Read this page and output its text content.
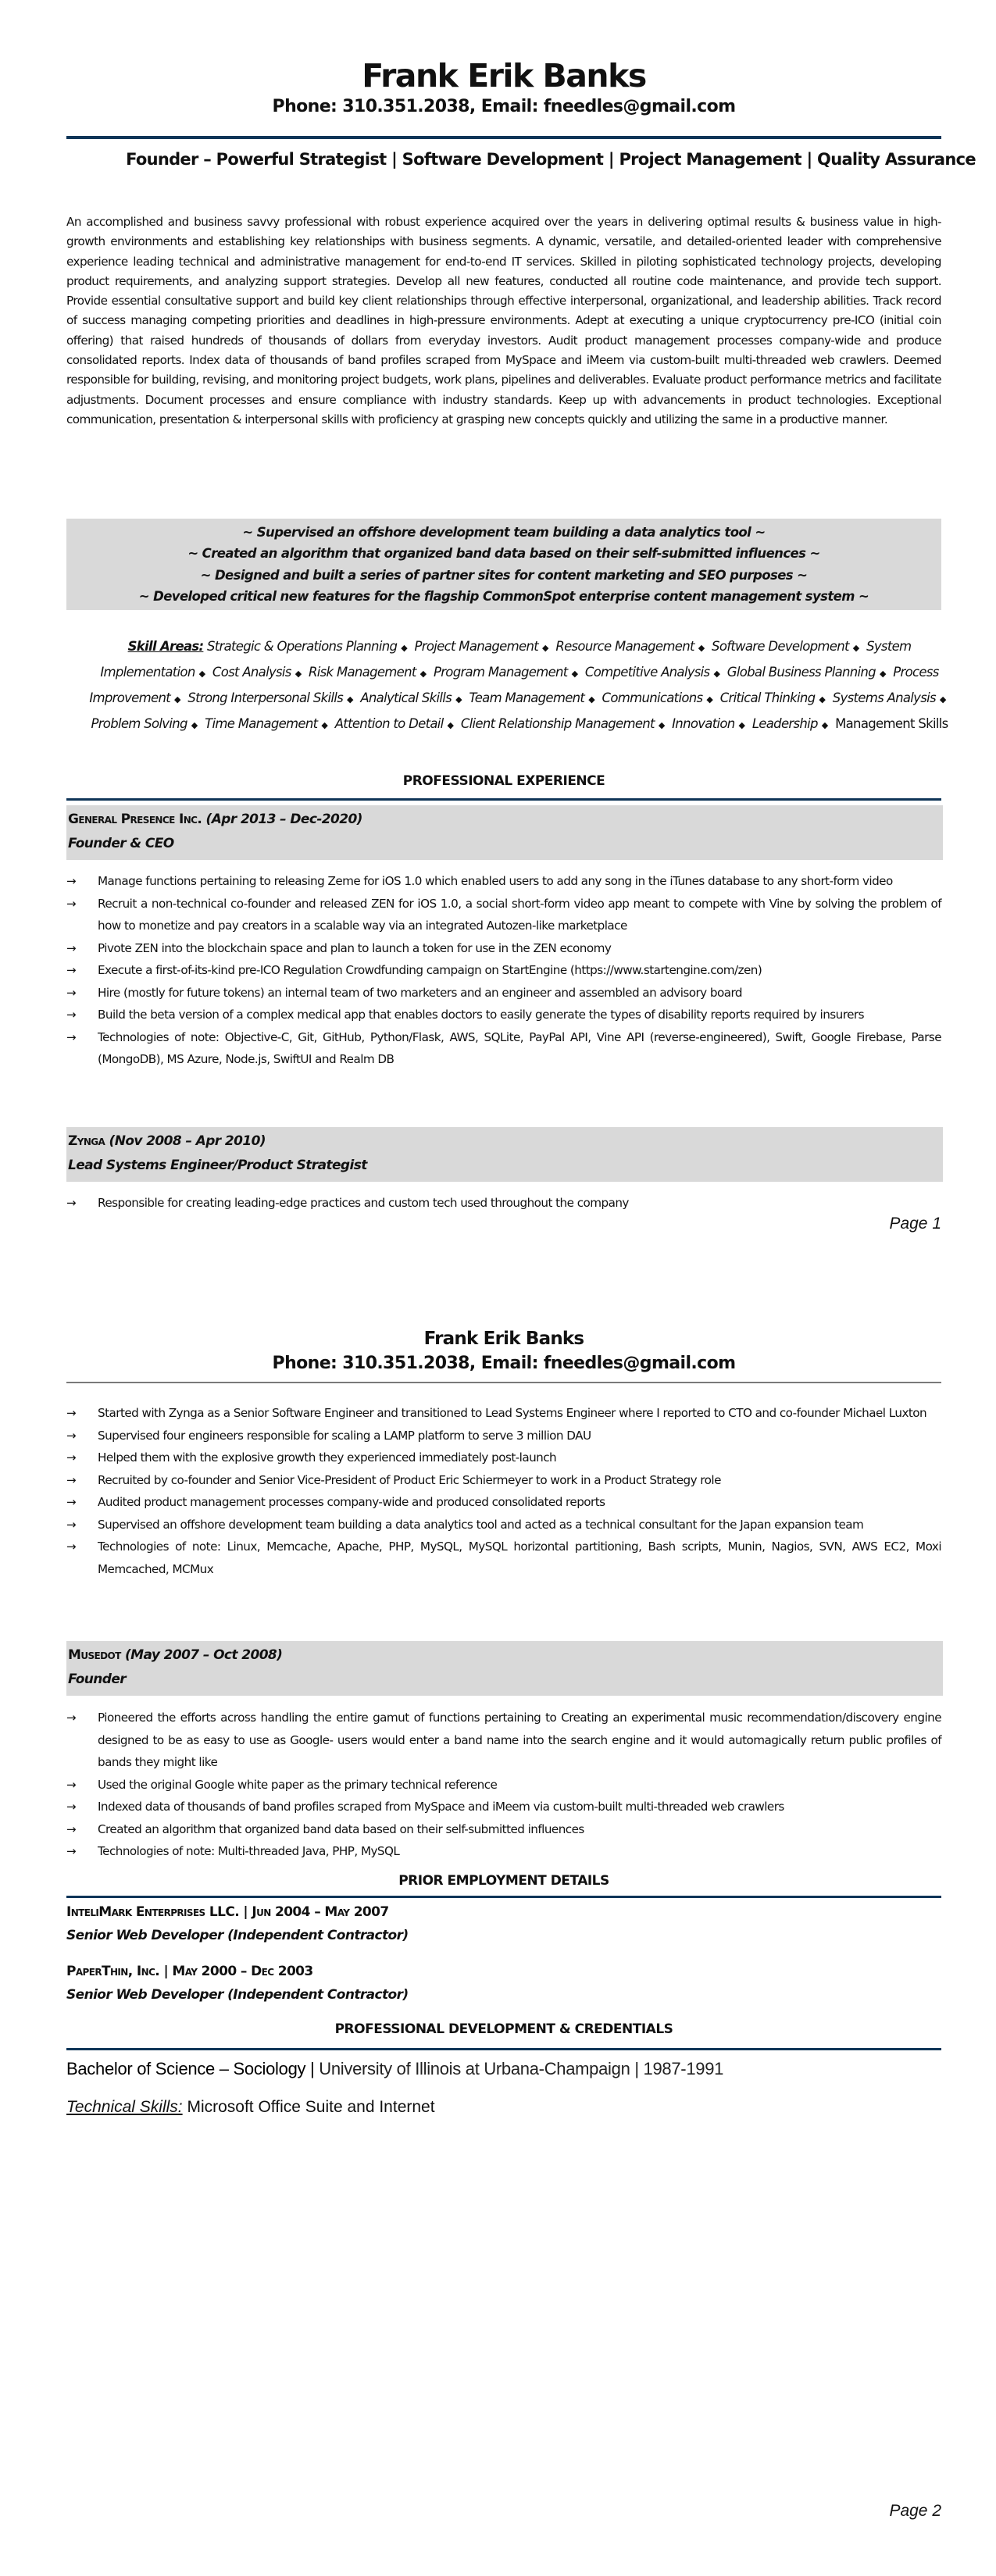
Frank Erik Banks
Phone: 310.351.2038, Email: fneedles@gmail.com
Founder – Powerful Strategist | Software Development | Project Management | Quality Assurance
An accomplished and business savvy professional with robust experience acquired over the years in delivering optimal results & business value in high-growth environments and establishing key relationships with business segments. A dynamic, versatile, and detailed-oriented leader with comprehensive experience leading technical and administrative management for end-to-end IT services. Skilled in piloting sophisticated technology projects, developing product requirements, and analyzing support strategies. Develop all new features, conducted all routine code maintenance, and provide tech support. Provide essential consultative support and build key client relationships through effective interpersonal, organizational, and leadership abilities. Track record of success managing competing priorities and deadlines in high-pressure environments. Adept at executing a unique cryptocurrency pre-ICO (initial coin offering) that raised hundreds of thousands of dollars from everyday investors. Audit product management processes company-wide and produce consolidated reports. Index data of thousands of band profiles scraped from MySpace and iMeem via custom-built multi-threaded web crawlers. Deemed responsible for building, revising, and monitoring project budgets, work plans, pipelines and deliverables. Evaluate product performance metrics and facilitate adjustments. Document processes and ensure compliance with industry standards. Keep up with advancements in product technologies. Exceptional communication, presentation & interpersonal skills with proficiency at grasping new concepts quickly and utilizing the same in a productive manner.
~ Supervised an offshore development team building a data analytics tool ~
~ Created an algorithm that organized band data based on their self-submitted influences ~
~ Designed and built a series of partner sites for content marketing and SEO purposes ~
~ Developed critical new features for the flagship CommonSpot enterprise content management system ~
Skill Areas: Strategic & Operations Planning ◆ Project Management ◆ Resource Management ◆ Software Development ◆ System Implementation ◆ Cost Analysis ◆ Risk Management ◆ Program Management ◆ Competitive Analysis ◆ Global Business Planning ◆ Process Improvement ◆ Strong Interpersonal Skills ◆ Analytical Skills ◆ Team Management ◆ Communications ◆ Critical Thinking ◆ Systems Analysis ◆ Problem Solving ◆ Time Management ◆ Attention to Detail ◆ Client Relationship Management ◆ Innovation ◆ Leadership ◆ Management Skills
PROFESSIONAL EXPERIENCE
General Presence Inc. (Apr 2013 – Dec-2020)
Founder & CEO
→ Manage functions pertaining to releasing Zeme for iOS 1.0 which enabled users to add any song in the iTunes database to any short-form video
→ Recruit a non-technical co-founder and released ZEN for iOS 1.0, a social short-form video app meant to compete with Vine by solving the problem of how to monetize and pay creators in a scalable way via an integrated Autozen-like marketplace
→ Pivote ZEN into the blockchain space and plan to launch a token for use in the ZEN economy
→ Execute a first-of-its-kind pre-ICO Regulation Crowdfunding campaign on StartEngine (https://www.startengine.com/zen)
→ Hire (mostly for future tokens) an internal team of two marketers and an engineer and assembled an advisory board
→ Build the beta version of a complex medical app that enables doctors to easily generate the types of disability reports required by insurers
→ Technologies of note: Objective-C, Git, GitHub, Python/Flask, AWS, SQLite, PayPal API, Vine API (reverse-engineered), Swift, Google Firebase, Parse (MongoDB), MS Azure, Node.js, SwiftUI and Realm DB
Zynga (Nov 2008 – Apr 2010)
Lead Systems Engineer/Product Strategist
→ Responsible for creating leading-edge practices and custom tech used throughout the company
Page 1
Frank Erik Banks
Phone: 310.351.2038, Email: fneedles@gmail.com
→ Started with Zynga as a Senior Software Engineer and transitioned to Lead Systems Engineer where I reported to CTO and co-founder Michael Luxton
→ Supervised four engineers responsible for scaling a LAMP platform to serve 3 million DAU
→ Helped them with the explosive growth they experienced immediately post-launch
→ Recruited by co-founder and Senior Vice-President of Product Eric Schiermeyer to work in a Product Strategy role
→ Audited product management processes company-wide and produced consolidated reports
→ Supervised an offshore development team building a data analytics tool and acted as a technical consultant for the Japan expansion team
→ Technologies of note: Linux, Memcache, Apache, PHP, MySQL, MySQL horizontal partitioning, Bash scripts, Munin, Nagios, SVN, AWS EC2, Moxi Memcached, MCMux
Musedot (May 2007 – Oct 2008)
Founder
→ Pioneered the efforts across handling the entire gamut of functions pertaining to Creating an experimental music recommendation/discovery engine designed to be as easy to use as Google- users would enter a band name into the search engine and it would automagically return public profiles of bands they might like
→ Used the original Google white paper as the primary technical reference
→ Indexed data of thousands of band profiles scraped from MySpace and iMeem via custom-built multi-threaded web crawlers
→ Created an algorithm that organized band data based on their self-submitted influences
→ Technologies of note: Multi-threaded Java, PHP, MySQL
PRIOR EMPLOYMENT DETAILS
InteliMark Enterprises LLC. | Jun 2004 – May 2007
Senior Web Developer (Independent Contractor)
PaperThin, Inc. | May 2000 – Dec 2003
Senior Web Developer (Independent Contractor)
PROFESSIONAL DEVELOPMENT & CREDENTIALS
Bachelor of Science – Sociology | University of Illinois at Urbana-Champaign | 1987-1991
Technical Skills: Microsoft Office Suite and Internet
Page 2
